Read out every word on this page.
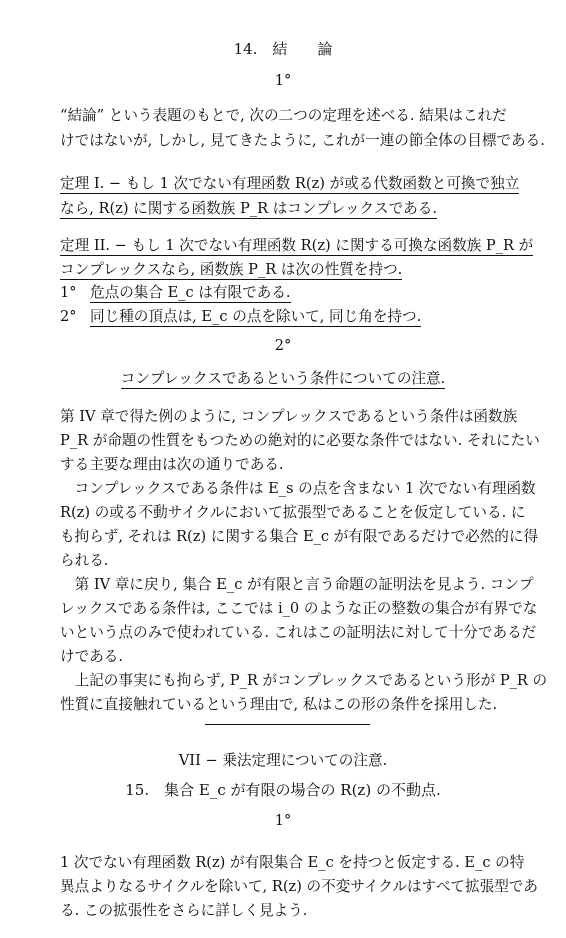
14.　結　　論
1°
“結論” という表題のもとで, 次の二つの定理を述べる. 結果はこれだ
けではないが, しかし, 見てきたように, これが一連の節全体の目標である.
定理 I. − もし 1 次でない有理函数 R(z) が或る代数函数と可換で独立
なら, R(z) に関する函数族 P_R はコンプレックスである.
定理 II. − もし 1 次でない有理函数 R(z) に関する可換な函数族 P_R が
コンプレックスなら, 函数族 P_R は次の性質を持つ.
1° 危点の集合 E_c は有限である.
2° 同じ種の頂点は, E_c の点を除いて, 同じ角を持つ.
2°
コンプレックスであるという条件についての注意.
第 IV 章で得た例のように, コンプレックスであるという条件は函数族
P_R が命題の性質をもつための絶対的に必要な条件ではない. それにたい
する主要な理由は次の通りである.
　コンプレックスである条件は E_s の点を含まない 1 次でない有理函数
R(z) の或る不動サイクルにおいて拡張型であることを仮定している. に
も拘らず, それは R(z) に関する集合 E_c が有限であるだけで必然的に得
られる.
　第 IV 章に戻り, 集合 E_c が有限と言う命題の証明法を見よう. コンプ
レックスである条件は, ここでは i_0 のような正の整数の集合が有界でな
いという点のみで使われている. これはこの証明法に対して十分であるだ
けである.
　上記の事実にも拘らず, P_R がコンプレックスであるという形が P_R の
性質に直接触れているという理由で, 私はこの形の条件を採用した.
VII − 乗法定理についての注意.
15.　集合 E_c が有限の場合の R(z) の不動点.
1°
1 次でない有理函数 R(z) が有限集合 E_c を持つと仮定する. E_c の特
異点よりなるサイクルを除いて, R(z) の不変サイクルはすべて拡張型であ
る. この拡張性をさらに詳しく見よう.
